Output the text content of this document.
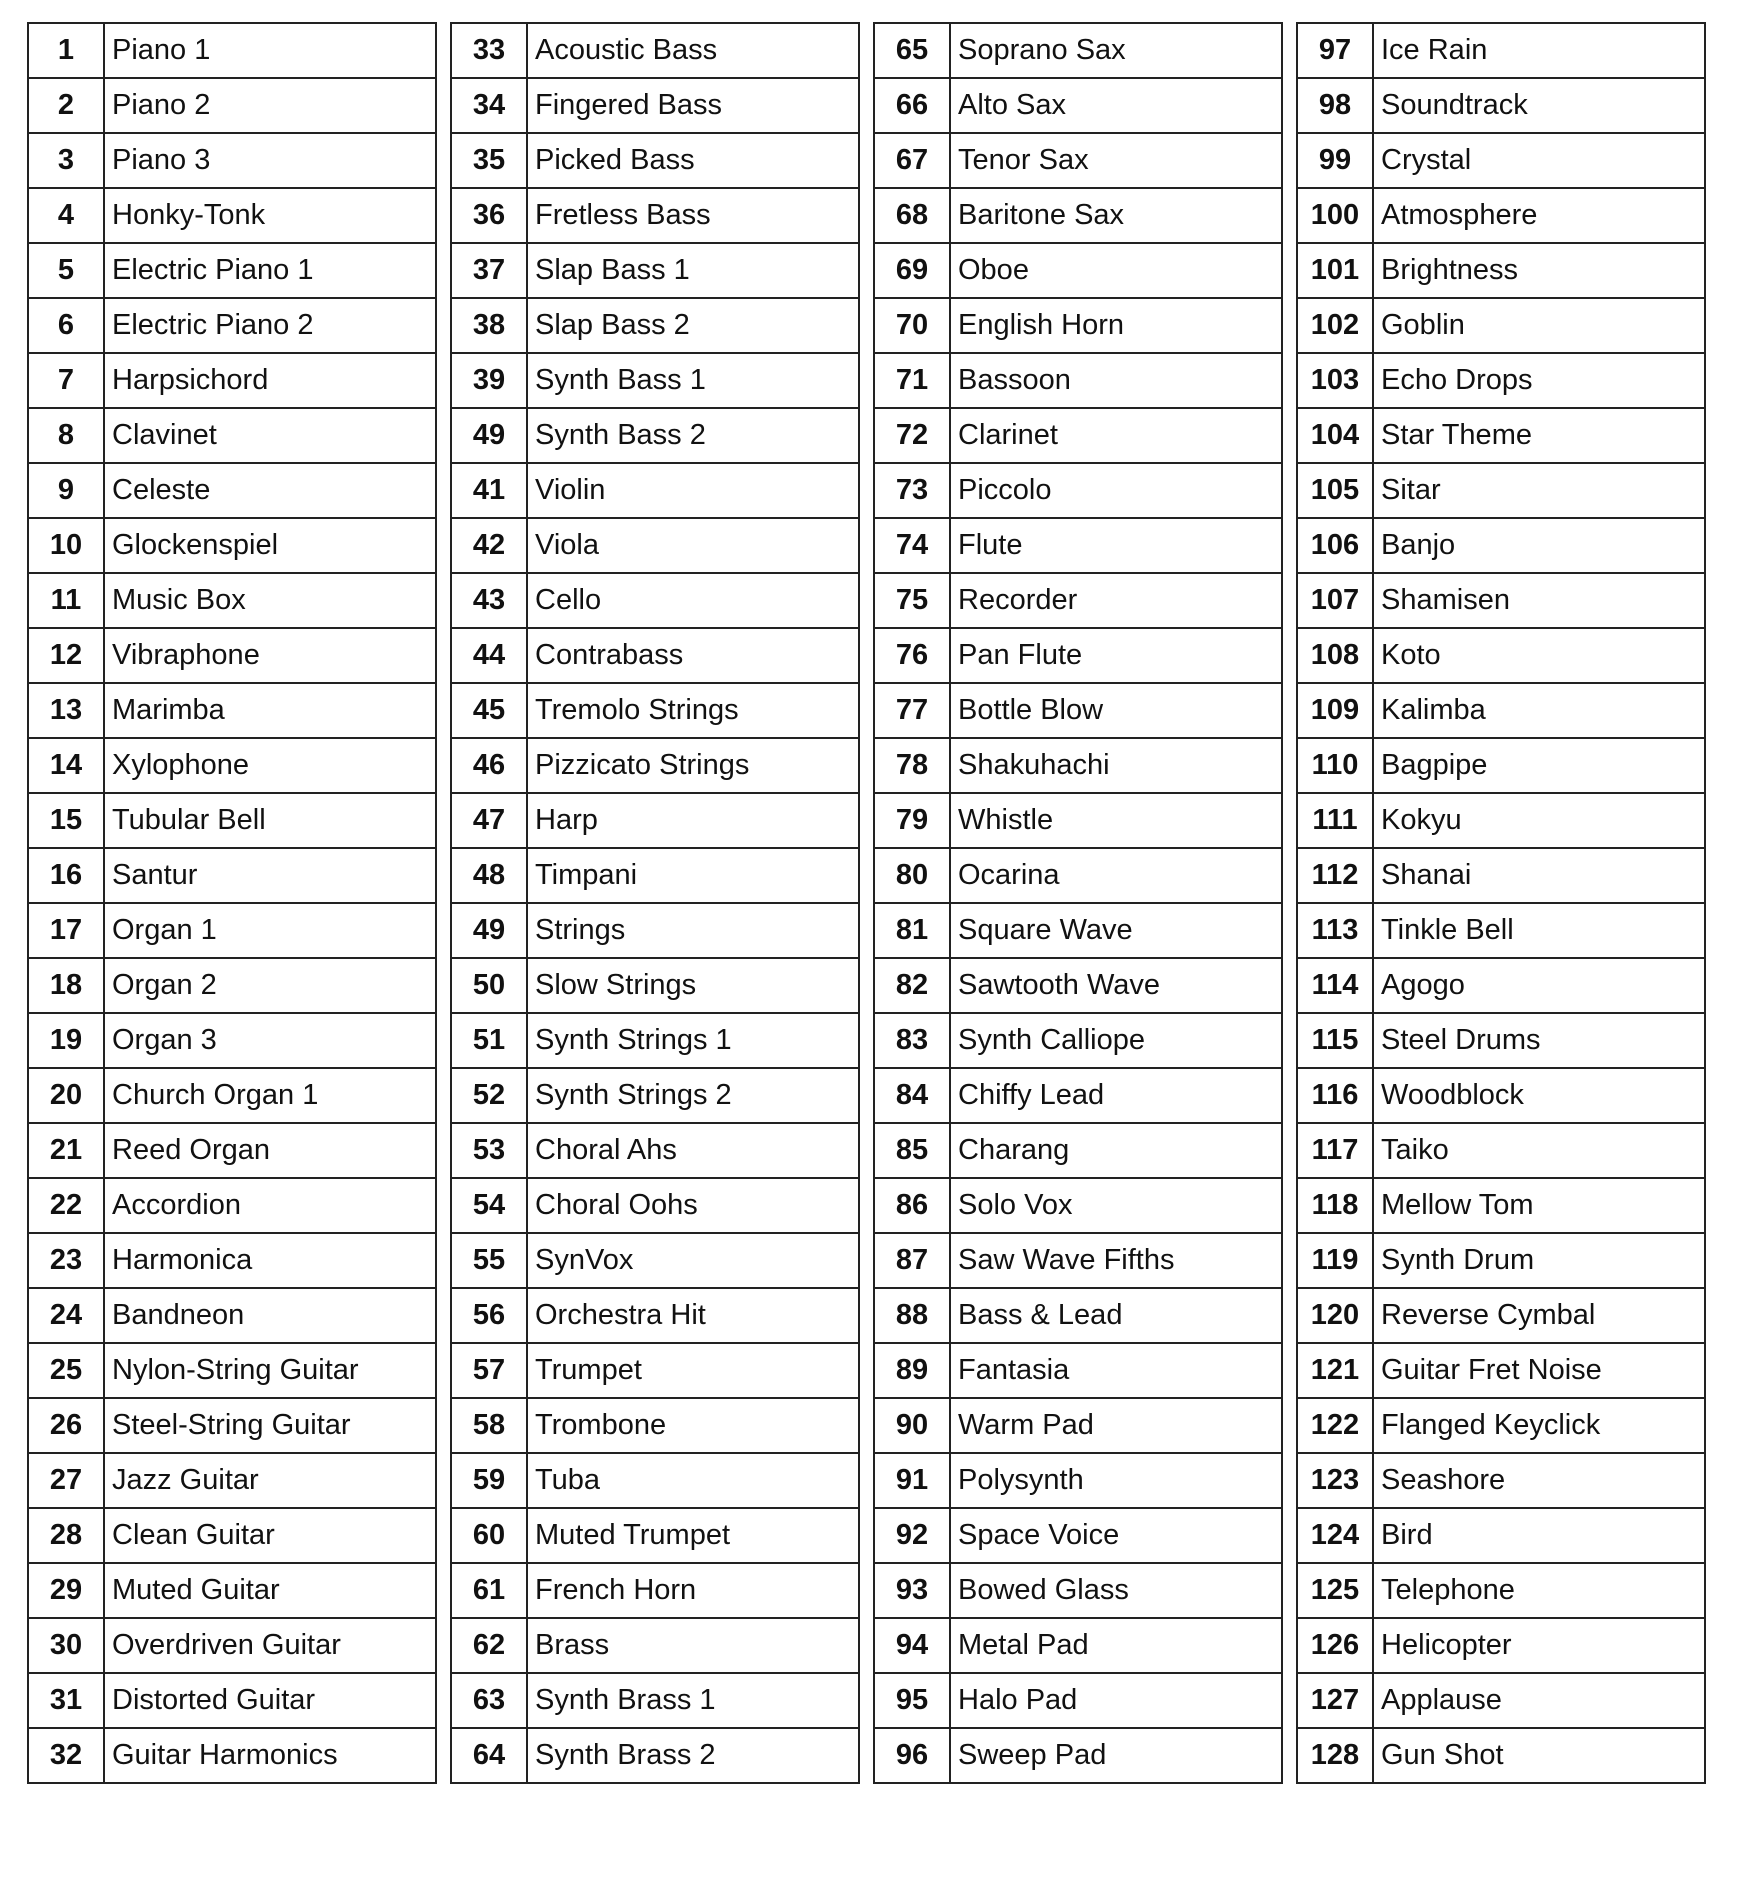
1	Piano 1
2	Piano 2
3	Piano 3
4	Honky-Tonk
5	Electric Piano 1
6	Electric Piano 2
7	Harpsichord
8	Clavinet
9	Celeste
10	Glockenspiel
11	Music Box
12	Vibraphone
13	Marimba
14	Xylophone
15	Tubular Bell
16	Santur
17	Organ 1
18	Organ 2
19	Organ 3
20	Church Organ 1
21	Reed Organ
22	Accordion
23	Harmonica
24	Bandneon
25	Nylon-String Guitar
26	Steel-String Guitar
27	Jazz Guitar
28	Clean Guitar
29	Muted Guitar
30	Overdriven Guitar
31	Distorted Guitar
32	Guitar Harmonics
33	Acoustic Bass
34	Fingered Bass
35	Picked Bass
36	Fretless Bass
37	Slap Bass 1
38	Slap Bass 2
39	Synth Bass 1
49	Synth Bass 2
41	Violin
42	Viola
43	Cello
44	Contrabass
45	Tremolo Strings
46	Pizzicato Strings
47	Harp
48	Timpani
49	Strings
50	Slow Strings
51	Synth Strings 1
52	Synth Strings 2
53	Choral Ahs
54	Choral Oohs
55	SynVox
56	Orchestra Hit
57	Trumpet
58	Trombone
59	Tuba
60	Muted Trumpet
61	French Horn
62	Brass
63	Synth Brass 1
64	Synth Brass 2
65	Soprano Sax
66	Alto Sax
67	Tenor Sax
68	Baritone Sax
69	Oboe
70	English Horn
71	Bassoon
72	Clarinet
73	Piccolo
74	Flute
75	Recorder
76	Pan Flute
77	Bottle Blow
78	Shakuhachi
79	Whistle
80	Ocarina
81	Square Wave
82	Sawtooth Wave
83	Synth Calliope
84	Chiffy Lead
85	Charang
86	Solo Vox
87	Saw Wave Fifths
88	Bass & Lead
89	Fantasia
90	Warm Pad
91	Polysynth
92	Space Voice
93	Bowed Glass
94	Metal Pad
95	Halo Pad
96	Sweep Pad
97	Ice Rain
98	Soundtrack
99	Crystal
100	Atmosphere
101	Brightness
102	Goblin
103	Echo Drops
104	Star Theme
105	Sitar
106	Banjo
107	Shamisen
108	Koto
109	Kalimba
110	Bagpipe
111	Kokyu
112	Shanai
113	Tinkle Bell
114	Agogo
115	Steel Drums
116	Woodblock
117	Taiko
118	Mellow Tom
119	Synth Drum
120	Reverse Cymbal
121	Guitar Fret Noise
122	Flanged Keyclick
123	Seashore
124	Bird
125	Telephone
126	Helicopter
127	Applause
128	Gun Shot
